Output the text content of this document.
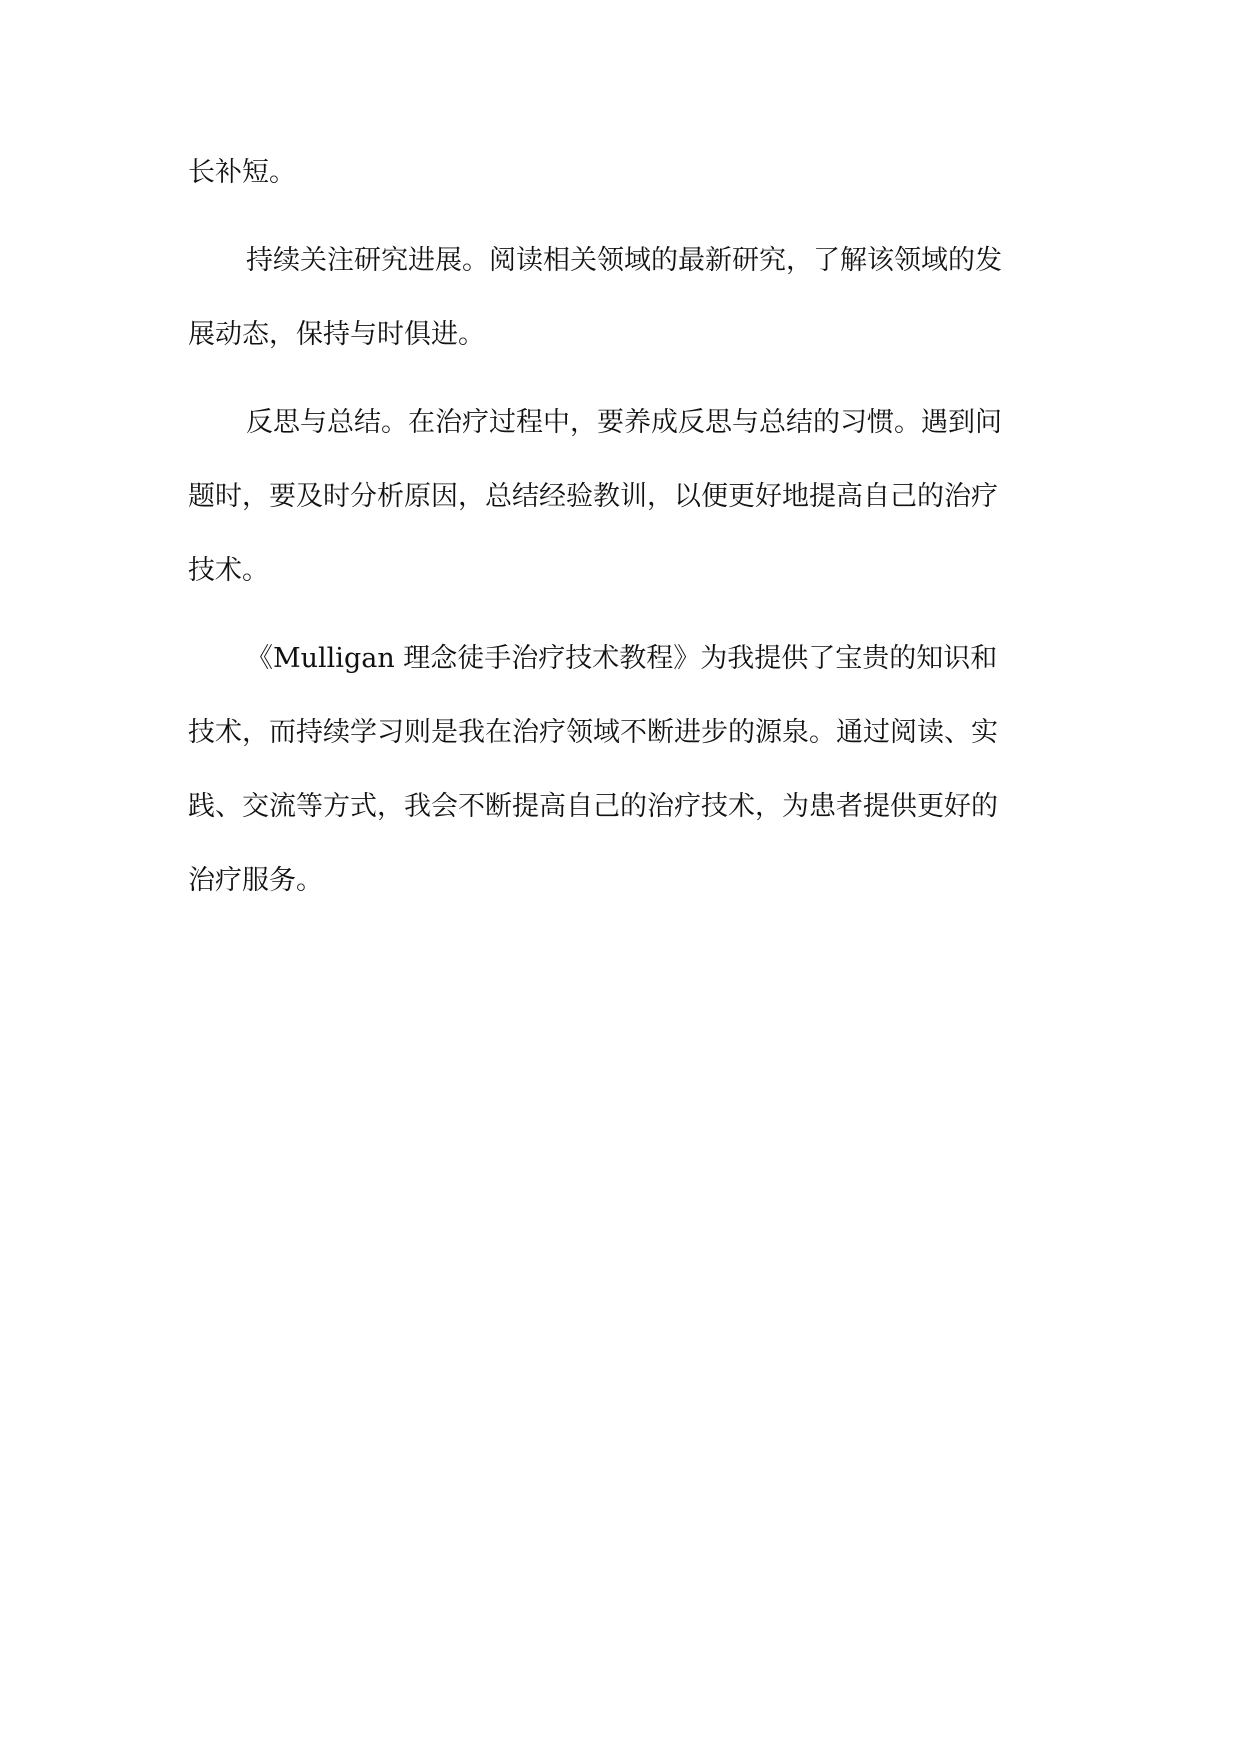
长补短。
持续关注研究进展。阅读相关领域的最新研究，了解该领域的发
展动态，保持与时俱进。
反思与总结。在治疗过程中，要养成反思与总结的习惯。遇到问
题时，要及时分析原因，总结经验教训，以便更好地提高自己的治疗
技术。
《Mulligan 理念徒手治疗技术教程》为我提供了宝贵的知识和
技术，而持续学习则是我在治疗领域不断进步的源泉。通过阅读、实
践、交流等方式，我会不断提高自己的治疗技术，为患者提供更好的
治疗服务。
